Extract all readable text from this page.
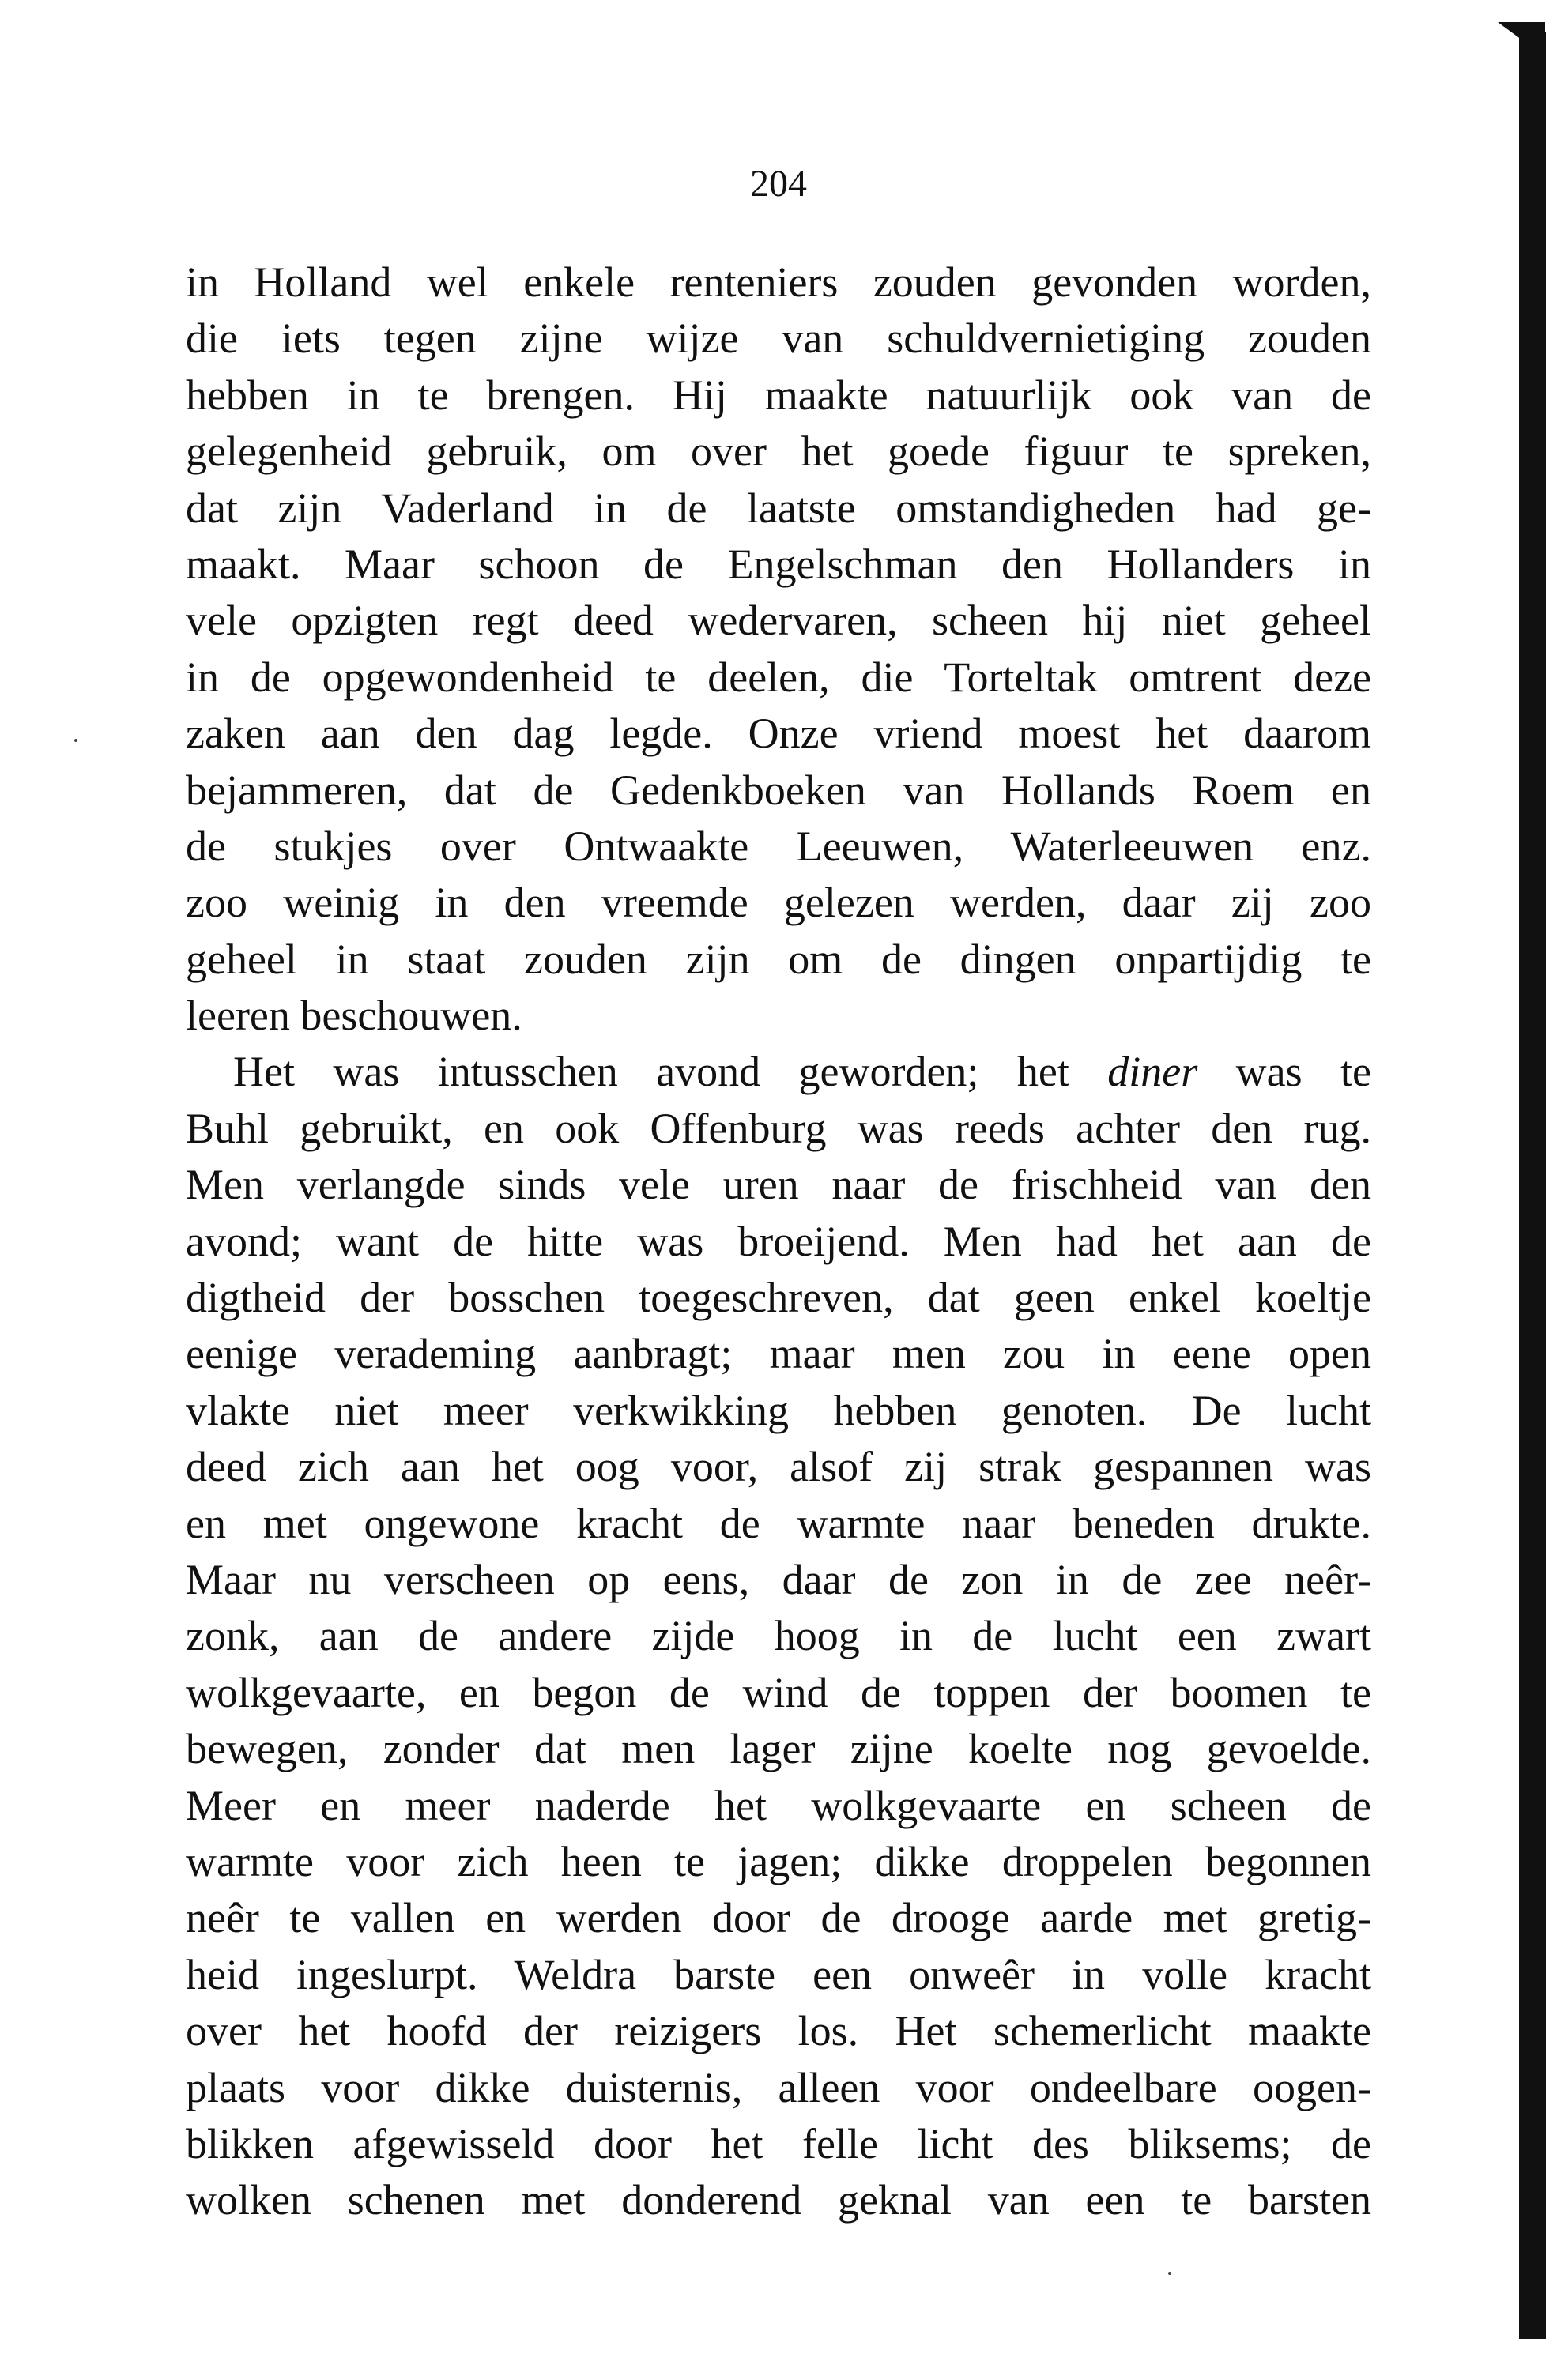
204
in Holland wel enkele renteniers zouden gevonden worden,
die iets tegen zijne wijze van schuldvernietiging zouden
hebben in te brengen. Hij maakte natuurlijk ook van de
gelegenheid gebruik, om over het goede figuur te spreken,
dat zijn Vaderland in de laatste omstandigheden had ge-
maakt. Maar schoon de Engelschman den Hollanders in
vele opzigten regt deed wedervaren, scheen hij niet geheel
in de opgewondenheid te deelen, die Torteltak omtrent deze
zaken aan den dag legde. Onze vriend moest het daarom
bejammeren, dat de Gedenkboeken van Hollands Roem en
de stukjes over Ontwaakte Leeuwen, Waterleeuwen enz.
zoo weinig in den vreemde gelezen werden, daar zij zoo
geheel in staat zouden zijn om de dingen onpartijdig te
leeren beschouwen.
Het was intusschen avond geworden; het diner was te
Buhl gebruikt, en ook Offenburg was reeds achter den rug.
Men verlangde sinds vele uren naar de frischheid van den
avond; want de hitte was broeijend. Men had het aan de
digtheid der bosschen toegeschreven, dat geen enkel koeltje
eenige verademing aanbragt; maar men zou in eene open
vlakte niet meer verkwikking hebben genoten. De lucht
deed zich aan het oog voor, alsof zij strak gespannen was
en met ongewone kracht de warmte naar beneden drukte.
Maar nu verscheen op eens, daar de zon in de zee neêr-
zonk, aan de andere zijde hoog in de lucht een zwart
wolkgevaarte, en begon de wind de toppen der boomen te
bewegen, zonder dat men lager zijne koelte nog gevoelde.
Meer en meer naderde het wolkgevaarte en scheen de
warmte voor zich heen te jagen; dikke droppelen begonnen
neêr te vallen en werden door de drooge aarde met gretig-
heid ingeslurpt. Weldra barste een onweêr in volle kracht
over het hoofd der reizigers los. Het schemerlicht maakte
plaats voor dikke duisternis, alleen voor ondeelbare oogen-
blikken afgewisseld door het felle licht des bliksems; de
wolken schenen met donderend geknal van een te barsten
